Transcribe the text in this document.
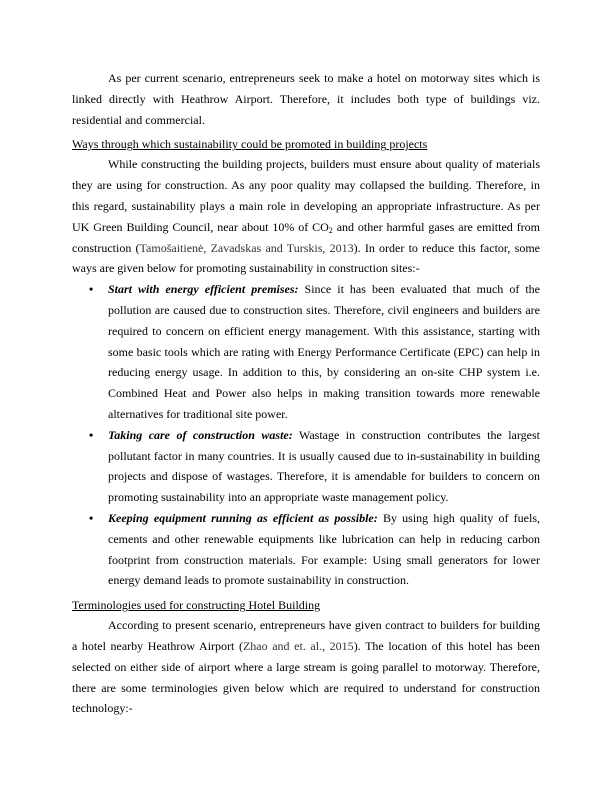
As per current scenario, entrepreneurs seek to make a hotel on motorway sites which is linked directly with Heathrow Airport. Therefore, it includes both type of buildings viz. residential and commercial.

Ways through which sustainability could be promoted in building projects

While constructing the building projects, builders must ensure about quality of materials they are using for construction. As any poor quality may collapsed the building. Therefore, in this regard, sustainability plays a main role in developing an appropriate infrastructure. As per UK Green Building Council, near about 10% of $CO_2$ and other harmful gases are emitted from construction (Tamošaitienė, Zavadskas and Turskis, 2013). In order to reduce this factor, some ways are given below for promoting sustainability in construction sites:-

• Start with energy efficient premises: Since it has been evaluated that much of the pollution are caused due to construction sites. Therefore, civil engineers and builders are required to concern on efficient energy management. With this assistance, starting with some basic tools which are rating with Energy Performance Certificate (EPC) can help in reducing energy usage. In addition to this, by considering an on-site CHP system i.e. Combined Heat and Power also helps in making transition towards more renewable alternatives for traditional site power.
• Taking care of construction waste: Wastage in construction contributes the largest pollutant factor in many countries. It is usually caused due to in-sustainability in building projects and dispose of wastages. Therefore, it is amendable for builders to concern on promoting sustainability into an appropriate waste management policy.
• Keeping equipment running as efficient as possible: By using high quality of fuels, cements and other renewable equipments like lubrication can help in reducing carbon footprint from construction materials. For example: Using small generators for lower energy demand leads to promote sustainability in construction.

Terminologies used for constructing Hotel Building

According to present scenario, entrepreneurs have given contract to builders for building a hotel nearby Heathrow Airport (Zhao and et. al., 2015). The location of this hotel has been selected on either side of airport where a large stream is going parallel to motorway. Therefore, there are some terminologies given below which are required to understand for construction technology:-
